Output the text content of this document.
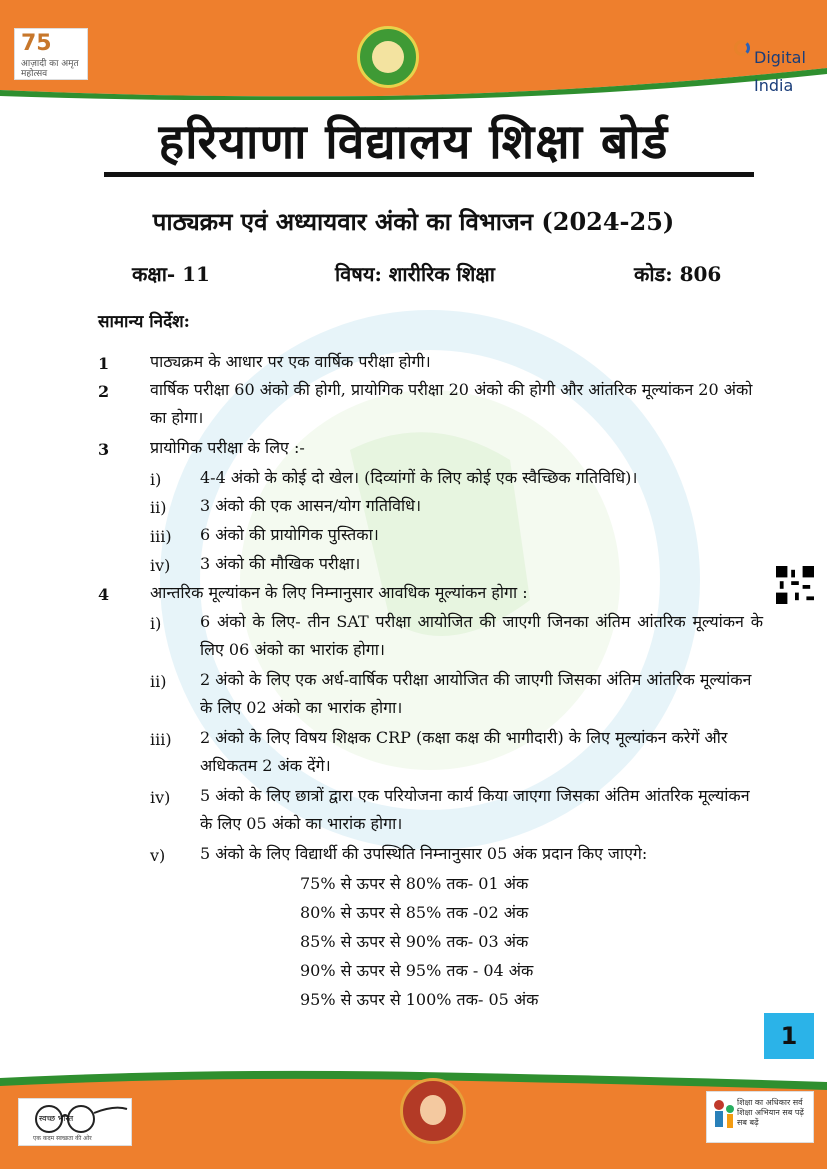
75
आज़ादी का अमृत महोत्सव
Digital India
हरियाणा विद्यालय शिक्षा बोर्ड
पाठ्यक्रम एवं अध्यायवार अंको का विभाजन (2024-25)
कक्षा- 11	विषय: शारीरिक शिक्षा	कोड: 806
सामान्य निर्देश:
1	पाठ्यक्रम के आधार पर एक वार्षिक परीक्षा होगी।
2	वार्षिक परीक्षा 60 अंको की होगी, प्रायोगिक परीक्षा 20 अंको की होगी और आंतरिक मूल्यांकन 20 अंको का होगा।
3	प्रायोगिक परीक्षा के लिए :-
i) 4-4 अंको के कोई दो खेल। (दिव्यांगों के लिए कोई एक स्वैच्छिक गतिविधि)।
ii) 3 अंको की एक आसन/योग गतिविधि।
iii) 6 अंको की प्रायोगिक पुस्तिका।
iv) 3 अंको की मौखिक परीक्षा।
4	आन्तरिक मूल्यांकन के लिए निम्नानुसार आवधिक मूल्यांकन होगा :
i) 6 अंको के लिए- तीन SAT परीक्षा आयोजित की जाएगी जिनका अंतिम आंतरिक मूल्यांकन के लिए 06 अंको का भारांक होगा।
ii) 2 अंको के लिए एक अर्ध-वार्षिक परीक्षा आयोजित की जाएगी जिसका अंतिम आंतरिक मूल्यांकन के लिए 02 अंको का भारांक होगा।
iii) 2 अंको के लिए विषय शिक्षक CRP (कक्षा कक्ष की भागीदारी) के लिए मूल्यांकन करेगें और अधिकतम 2 अंक देंगे।
iv) 5 अंको के लिए छात्रों द्वारा एक परियोजना कार्य किया जाएगा जिसका अंतिम आंतरिक मूल्यांकन के लिए 05 अंको का भारांक होगा।
v) 5 अंको के लिए विद्यार्थी की उपस्थिति निम्नानुसार 05 अंक प्रदान किए जाएगे:
75% से ऊपर से 80% तक- 01 अंक
80% से ऊपर से 85% तक -02 अंक
85% से ऊपर से 90% तक- 03 अंक
90% से ऊपर से 95% तक - 04 अंक
95% से ऊपर से 100% तक- 05 अंक
1
स्वच्छ भारत
एक कदम स्वच्छता की ओर
शिक्षा का अधिकार सर्व शिक्षा अभियान सब पढ़ें सब बढ़ें
